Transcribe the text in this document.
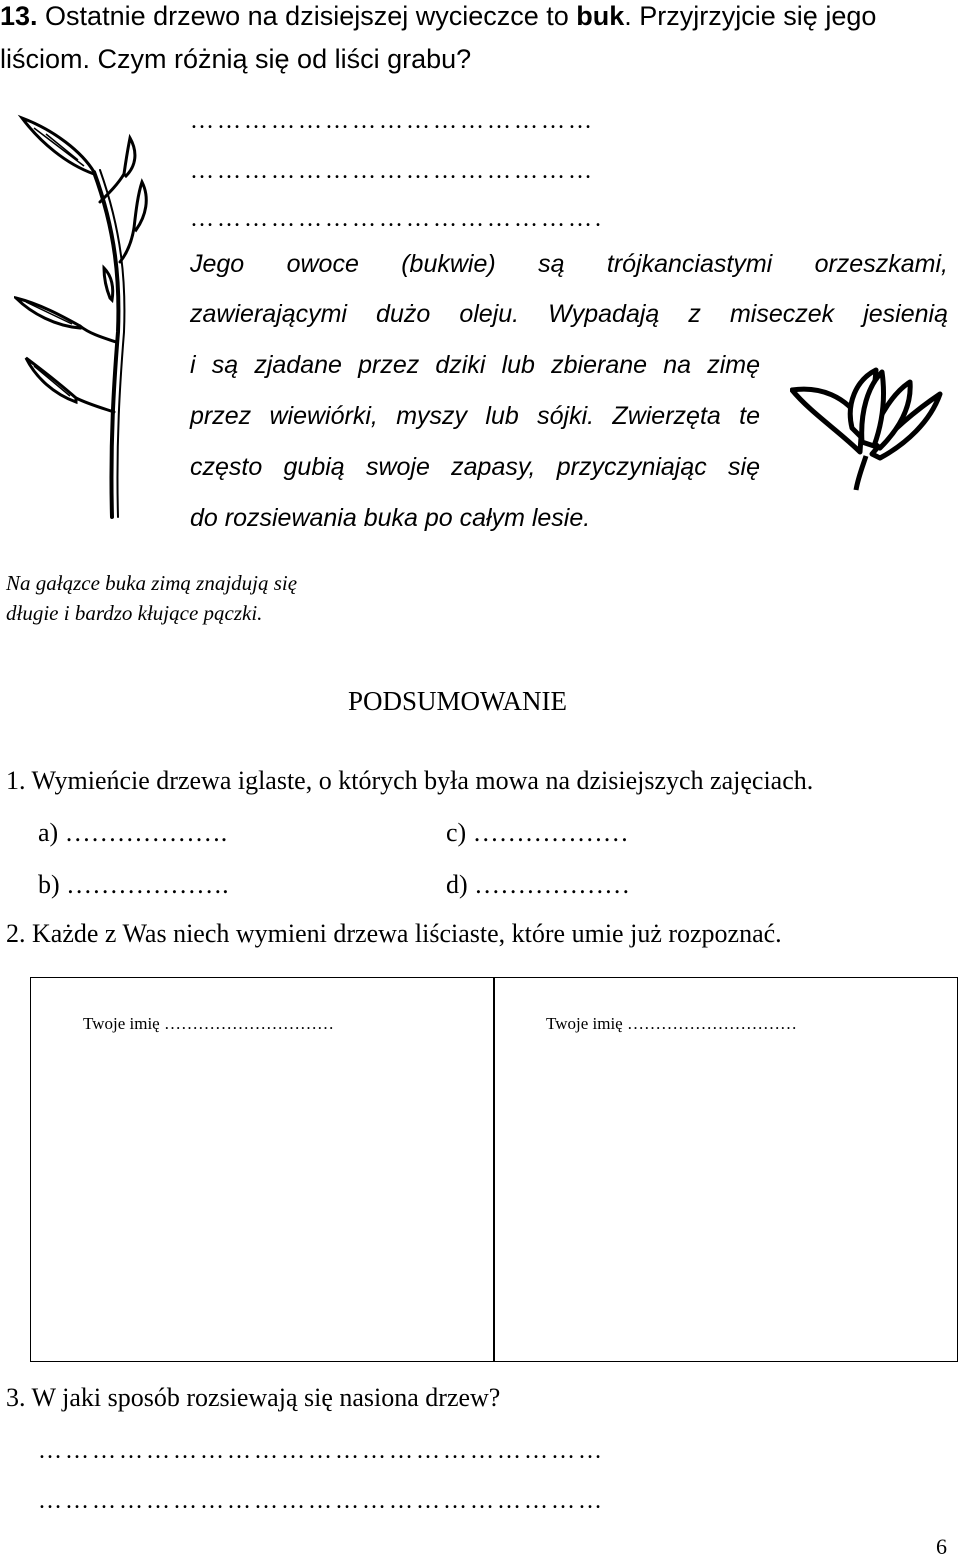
13. Ostatnie drzewo na dzisiejszej wycieczce to buk. Przyjrzyjcie się jego
liściom. Czym różnią się od liści grabu?
………………………………………
………………………………………
……………………………………….
Jego owoce (bukwie) są trójkanciastymi orzeszkami,
zawierającymi dużo oleju. Wypadają z miseczek jesienią
i są zjadane przez dziki lub zbierane na zimę
przez wiewiórki, myszy lub sójki. Zwierzęta te
często gubią swoje zapasy, przyczyniając się
do rozsiewania buka po całym lesie.
Na gałązce buka zimą znajdują się
długie i bardzo kłujące pączki.
PODSUMOWANIE
1. Wymieńcie drzewa iglaste, o których była mowa na dzisiejszych zajęciach.
a) ……………….	c) ………………
b) ……………….	d) ………………
2. Każde z Was niech wymieni drzewa liściaste, które umie już rozpoznać.
Twoje imię …………………………	Twoje imię …………………………
3. W jaki sposób rozsiewają się nasiona drzew?
………………………………………………………
………………………………………………………
6
